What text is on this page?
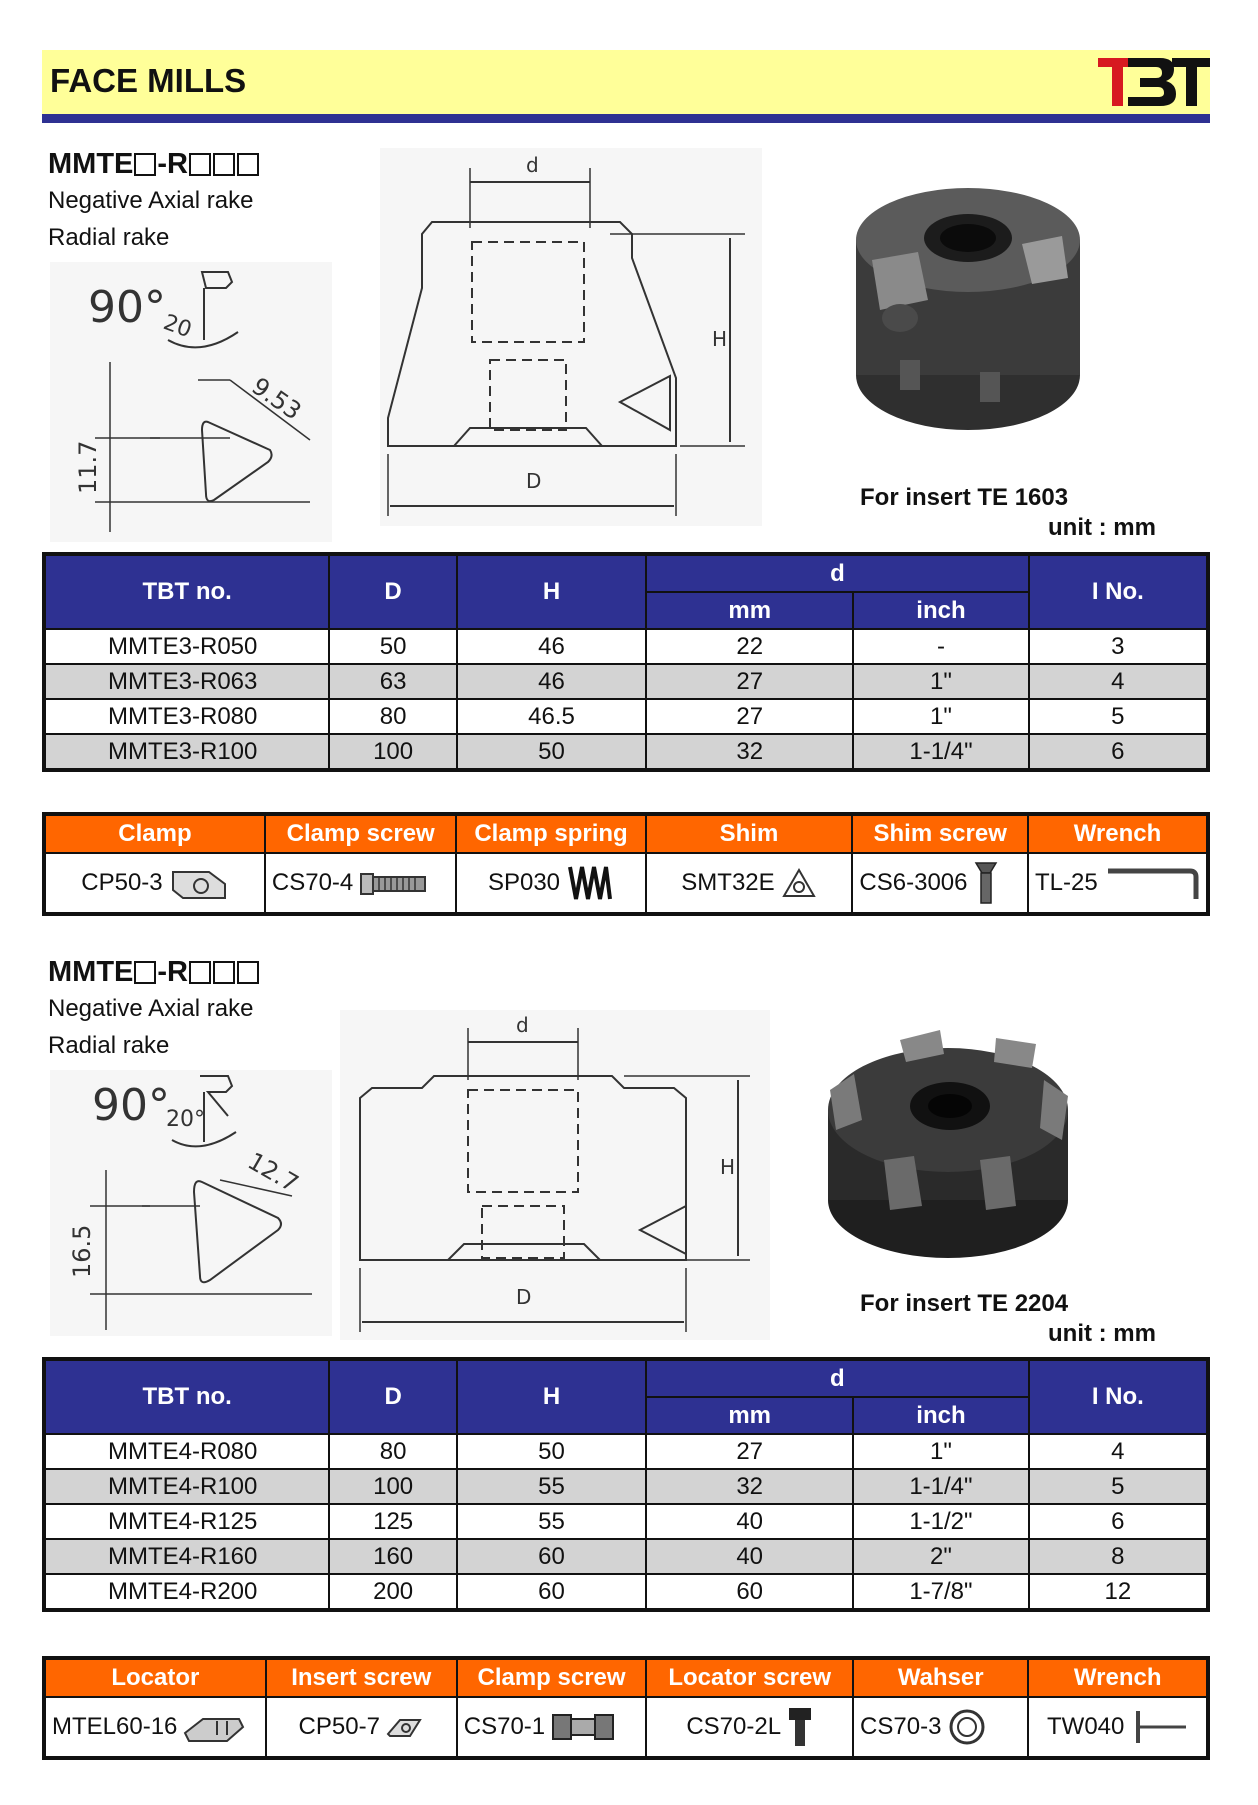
FACE MILLS
MMTE -R
Negative Axial rake
Radial rake
90°
20
9.53
11.7
d
H
D
For insert TE 1603
unit : mm
TBT no.	D	H	d		I No.
			mm	inch	
MMTE3-R050	50	46	22	-	3
MMTE3-R063	63	46	27	1"	4
MMTE3-R080	80	46.5	27	1"	5
MMTE3-R100	100	50	32	1-1/4"	6
Clamp	Clamp screw	Clamp spring	Shim	Shim screw	Wrench
CP50-3	CS70-4	SP030	SMT32E	CS6-3006	TL-25
MMTE -R
Negative Axial rake
Radial rake
90°
20°
12.7
16.5
d
H
D	For insert TE 2204
unit : mm
TBT no.	D	H	d		I No.
			mm	inch	
MMTE4-R080	80	50	27	1"	4
MMTE4-R100	100	55	32	1-1/4"	5
MMTE4-R125	125	55	40	1-1/2"	6
MMTE4-R160	160	60	40	2"	8
MMTE4-R200	200	60	60	1-7/8"	12
Locator	Insert screw	Clamp screw	Locator screw	Wahser	Wrench
MTEL60-16	CP50-7	CS70-1	CS70-2L	CS70-3	TW040
